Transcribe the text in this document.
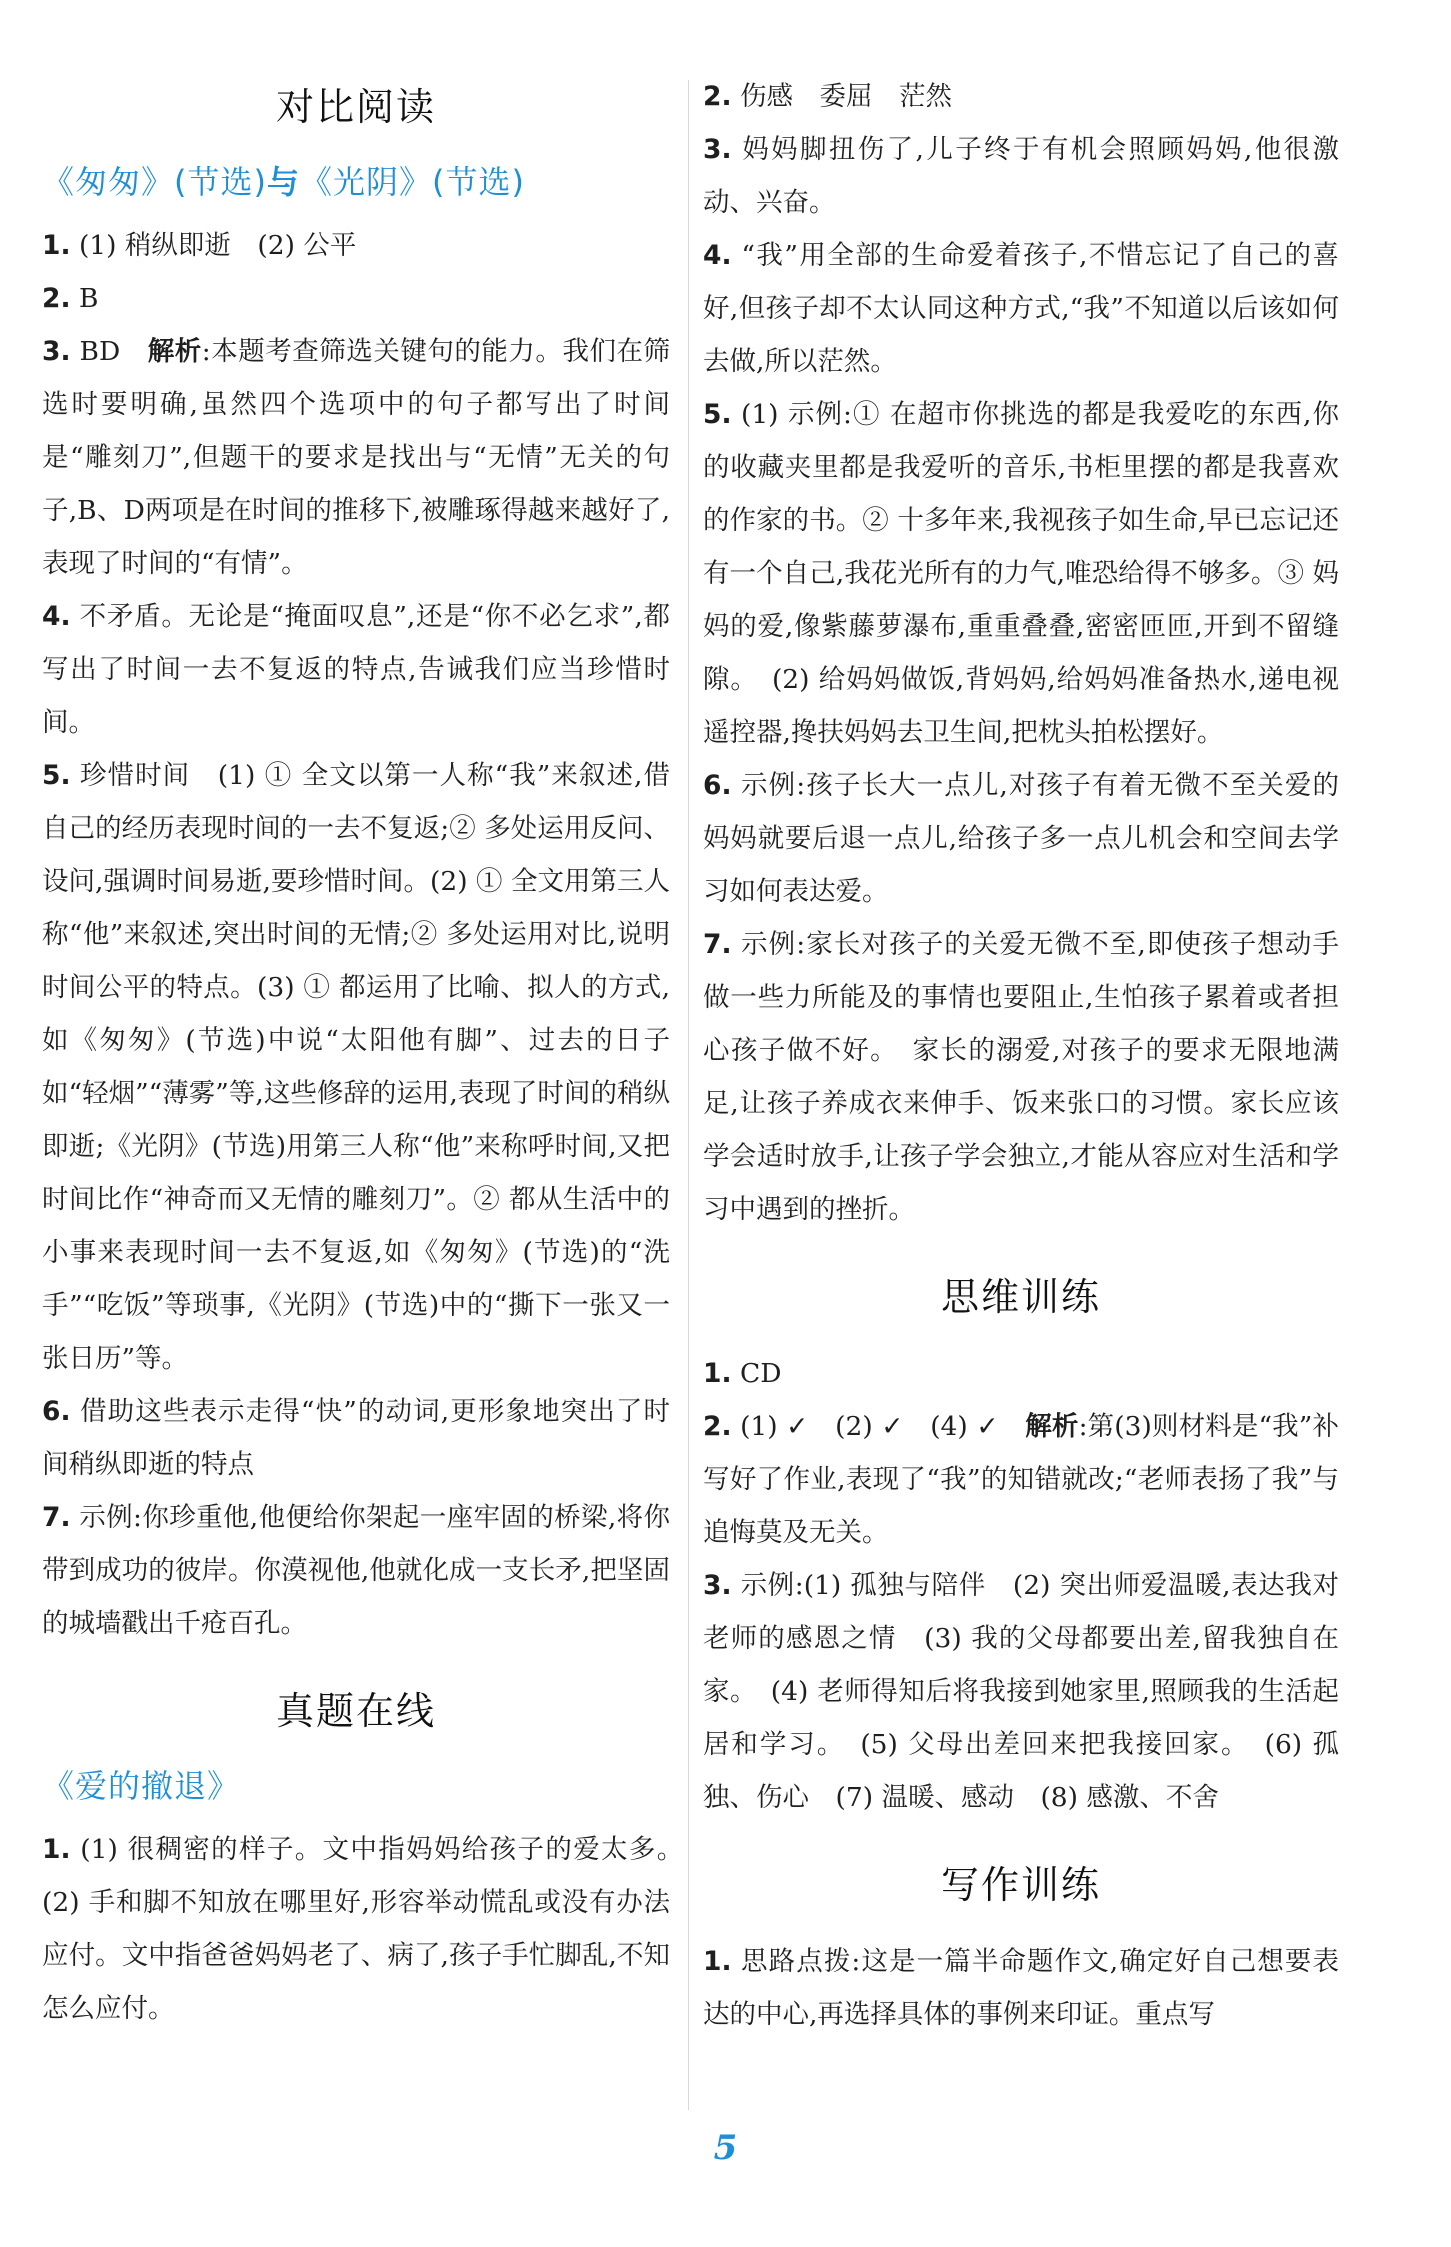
对比阅读
《匆匆》(节选)与《光阴》(节选)
1. (1) 稍纵即逝　(2) 公平
2. B
3. BD　解析:本题考查筛选关键句的能力。我们在筛选时要明确,虽然四个选项中的句子都写出了时间是“雕刻刀”,但题干的要求是找出与“无情”无关的句子,B、D两项是在时间的推移下,被雕琢得越来越好了,表现了时间的“有情”。
4. 不矛盾。无论是“掩面叹息”,还是“你不必乞求”,都写出了时间一去不复返的特点,告诫我们应当珍惜时间。
5. 珍惜时间　(1) ① 全文以第一人称“我”来叙述,借自己的经历表现时间的一去不复返;② 多处运用反问、设问,强调时间易逝,要珍惜时间。(2) ① 全文用第三人称“他”来叙述,突出时间的无情;② 多处运用对比,说明时间公平的特点。(3) ① 都运用了比喻、拟人的方式,如《匆匆》(节选)中说“太阳他有脚”、过去的日子如“轻烟”“薄雾”等,这些修辞的运用,表现了时间的稍纵即逝;《光阴》(节选)用第三人称“他”来称呼时间,又把时间比作“神奇而又无情的雕刻刀”。② 都从生活中的小事来表现时间一去不复返,如《匆匆》(节选)的“洗手”“吃饭”等琐事,《光阴》(节选)中的“撕下一张又一张日历”等。
6. 借助这些表示走得“快”的动词,更形象地突出了时间稍纵即逝的特点
7. 示例:你珍重他,他便给你架起一座牢固的桥梁,将你带到成功的彼岸。你漠视他,他就化成一支长矛,把坚固的城墙戳出千疮百孔。
真题在线
《爱的撤退》
1. (1) 很稠密的样子。文中指妈妈给孩子的爱太多。　(2) 手和脚不知放在哪里好,形容举动慌乱或没有办法应付。文中指爸爸妈妈老了、病了,孩子手忙脚乱,不知怎么应付。
2. 伤感　委屈　茫然
3. 妈妈脚扭伤了,儿子终于有机会照顾妈妈,他很激动、兴奋。
4. “我”用全部的生命爱着孩子,不惜忘记了自己的喜好,但孩子却不太认同这种方式,“我”不知道以后该如何去做,所以茫然。
5. (1) 示例:① 在超市你挑选的都是我爱吃的东西,你的收藏夹里都是我爱听的音乐,书柜里摆的都是我喜欢的作家的书。② 十多年来,我视孩子如生命,早已忘记还有一个自己,我花光所有的力气,唯恐给得不够多。③ 妈妈的爱,像紫藤萝瀑布,重重叠叠,密密匝匝,开到不留缝隙。　(2) 给妈妈做饭,背妈妈,给妈妈准备热水,递电视遥控器,搀扶妈妈去卫生间,把枕头拍松摆好。
6. 示例:孩子长大一点儿,对孩子有着无微不至关爱的妈妈就要后退一点儿,给孩子多一点儿机会和空间去学习如何表达爱。
7. 示例:家长对孩子的关爱无微不至,即使孩子想动手做一些力所能及的事情也要阻止,生怕孩子累着或者担心孩子做不好。　家长的溺爱,对孩子的要求无限地满足,让孩子养成衣来伸手、饭来张口的习惯。家长应该学会适时放手,让孩子学会独立,才能从容应对生活和学习中遇到的挫折。
思维训练
1. CD
2. (1) ✓　(2) ✓　(4) ✓　解析:第(3)则材料是“我”补写好了作业,表现了“我”的知错就改;“老师表扬了我”与追悔莫及无关。
3. 示例:(1) 孤独与陪伴　(2) 突出师爱温暖,表达我对老师的感恩之情　(3) 我的父母都要出差,留我独自在家。　(4) 老师得知后将我接到她家里,照顾我的生活起居和学习。　(5) 父母出差回来把我接回家。　(6) 孤独、伤心　(7) 温暖、感动　(8) 感激、不舍
写作训练
1. 思路点拨:这是一篇半命题作文,确定好自己想要表达的中心,再选择具体的事例来印证。重点写
5
